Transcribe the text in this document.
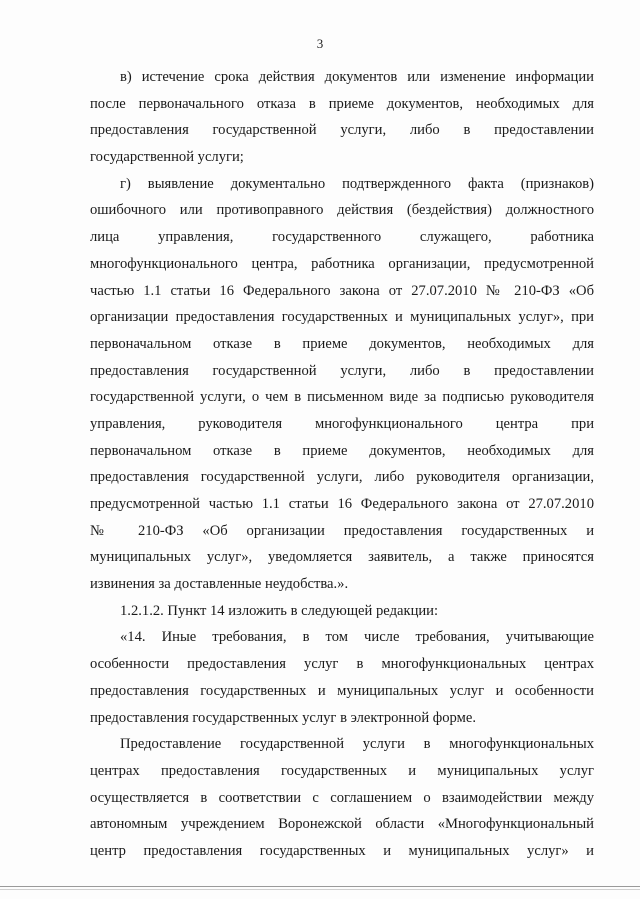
3
в) истечение срока действия документов или изменение информации
после первоначального отказа в приеме документов, необходимых для
предоставления государственной услуги, либо в предоставлении
государственной услуги;
г) выявление документально подтвержденного факта (признаков)
ошибочного или противоправного действия (бездействия) должностного
лица управления, государственного служащего, работника
многофункционального центра, работника организации, предусмотренной
частью 1.1 статьи 16 Федерального закона от 27.07.2010 № 210-ФЗ «Об
организации предоставления государственных и муниципальных услуг», при
первоначальном отказе в приеме документов, необходимых для
предоставления государственной услуги, либо в предоставлении
государственной услуги, о чем в письменном виде за подписью руководителя
управления, руководителя многофункционального центра при
первоначальном отказе в приеме документов, необходимых для
предоставления государственной услуги, либо руководителя организации,
предусмотренной частью 1.1 статьи 16 Федерального закона от 27.07.2010
№ 210-ФЗ «Об организации предоставления государственных и
муниципальных услуг», уведомляется заявитель, а также приносятся
извинения за доставленные неудобства.».
1.2.1.2. Пункт 14 изложить в следующей редакции:
«14. Иные требования, в том числе требования, учитывающие
особенности предоставления услуг в многофункциональных центрах
предоставления государственных и муниципальных услуг и особенности
предоставления государственных услуг в электронной форме.
Предоставление государственной услуги в многофункциональных
центрах предоставления государственных и муниципальных услуг
осуществляется в соответствии с соглашением о взаимодействии между
автономным учреждением Воронежской области «Многофункциональный
центр предоставления государственных и муниципальных услуг» и
